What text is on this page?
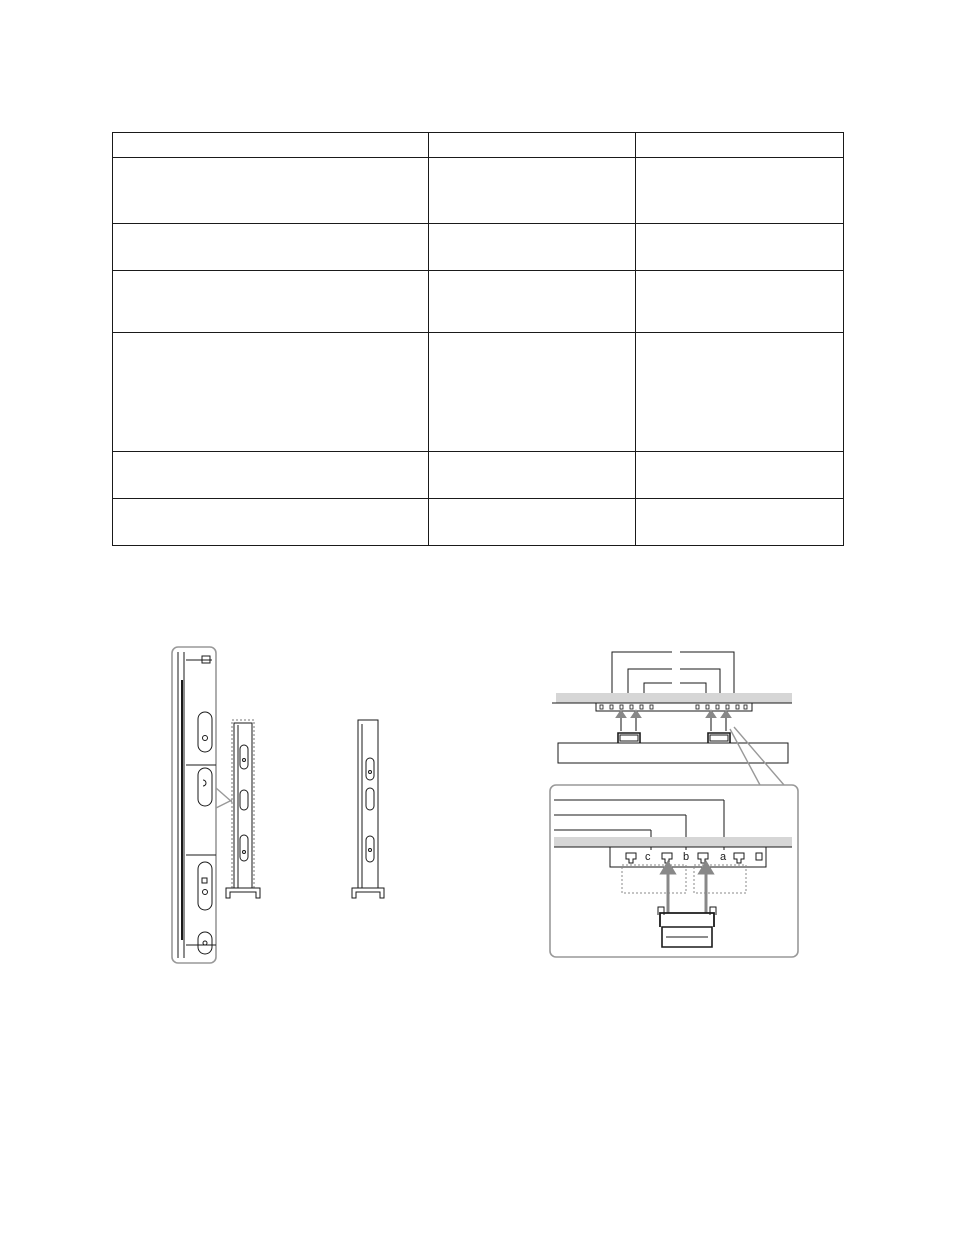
a
b
c
